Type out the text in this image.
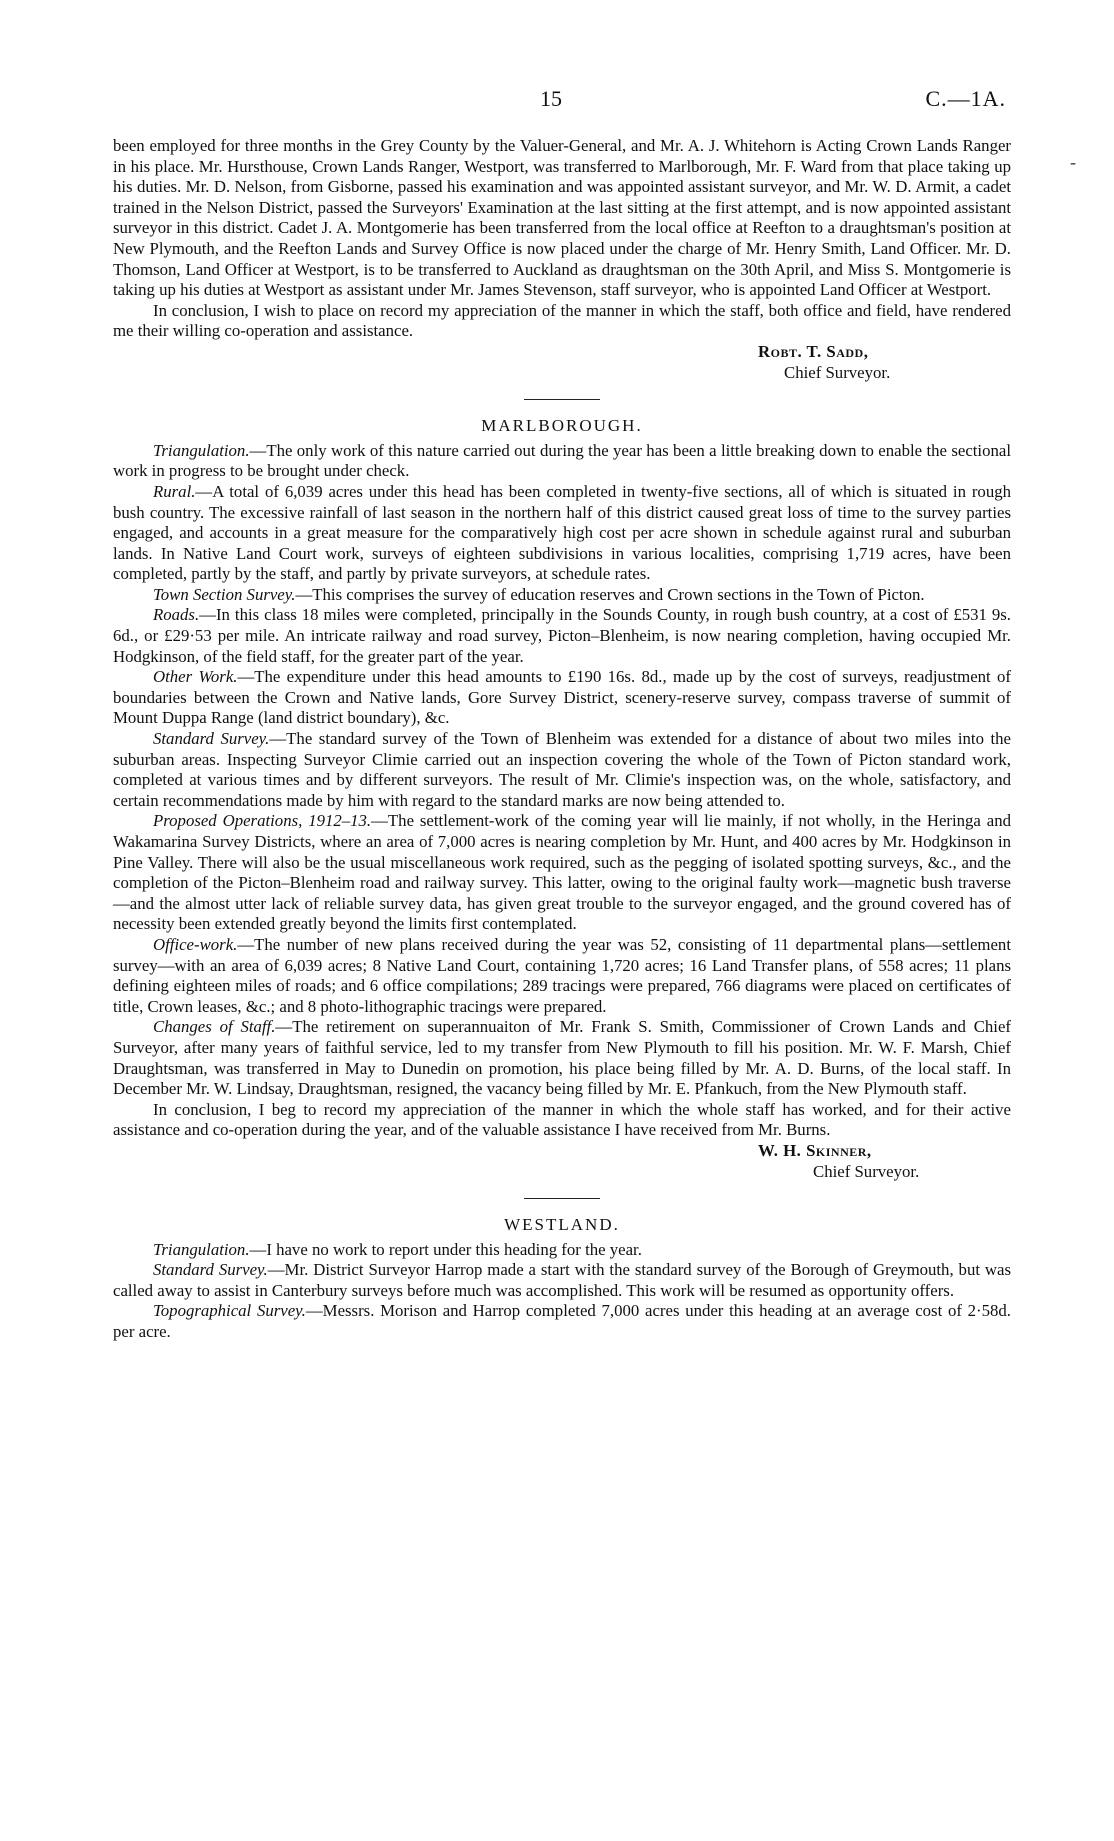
15	C.—1A.
-

been employed for three months in the Grey County by the Valuer-General, and Mr. A. J. Whitehorn is Acting Crown Lands Ranger in his place. Mr. Hursthouse, Crown Lands Ranger, Westport, was transferred to Marlborough, Mr. F. Ward from that place taking up his duties. Mr. D. Nelson, from Gisborne, passed his examination and was appointed assistant surveyor, and Mr. W. D. Armit, a cadet trained in the Nelson District, passed the Surveyors' Examination at the last sitting at the first attempt, and is now appointed assistant surveyor in this district. Cadet J. A. Montgomerie has been transferred from the local office at Reefton to a draughtsman's position at New Plymouth, and the Reefton Lands and Survey Office is now placed under the charge of Mr. Henry Smith, Land Officer. Mr. D. Thomson, Land Officer at Westport, is to be transferred to Auckland as draughtsman on the 30th April, and Miss S. Montgomerie is taking up his duties at Westport as assistant under Mr. James Stevenson, staff surveyor, who is appointed Land Officer at Westport.

In conclusion, I wish to place on record my appreciation of the manner in which the staff, both office and field, have rendered me their willing co-operation and assistance.

Robt. T. Sadd,
Chief Surveyor.
MARLBOROUGH.

Triangulation.—The only work of this nature carried out during the year has been a little breaking down to enable the sectional work in progress to be brought under check.

Rural.—A total of 6,039 acres under this head has been completed in twenty-five sections, all of which is situated in rough bush country. The excessive rainfall of last season in the northern half of this district caused great loss of time to the survey parties engaged, and accounts in a great measure for the comparatively high cost per acre shown in schedule against rural and suburban lands. In Native Land Court work, surveys of eighteen subdivisions in various localities, comprising 1,719 acres, have been completed, partly by the staff, and partly by private surveyors, at schedule rates.

Town Section Survey.—This comprises the survey of education reserves and Crown sections in the Town of Picton.

Roads.—In this class 18 miles were completed, principally in the Sounds County, in rough bush country, at a cost of £531 9s. 6d., or £29·53 per mile. An intricate railway and road survey, Picton–Blenheim, is now nearing completion, having occupied Mr. Hodgkinson, of the field staff, for the greater part of the year.

Other Work.—The expenditure under this head amounts to £190 16s. 8d., made up by the cost of surveys, readjustment of boundaries between the Crown and Native lands, Gore Survey District, scenery-reserve survey, compass traverse of summit of Mount Duppa Range (land district boundary), &c.

Standard Survey.—The standard survey of the Town of Blenheim was extended for a distance of about two miles into the suburban areas. Inspecting Surveyor Climie carried out an inspection covering the whole of the Town of Picton standard work, completed at various times and by different surveyors. The result of Mr. Climie's inspection was, on the whole, satisfactory, and certain recommendations made by him with regard to the standard marks are now being attended to.

Proposed Operations, 1912–13.—The settlement-work of the coming year will lie mainly, if not wholly, in the Heringa and Wakamarina Survey Districts, where an area of 7,000 acres is nearing completion by Mr. Hunt, and 400 acres by Mr. Hodgkinson in Pine Valley. There will also be the usual miscellaneous work required, such as the pegging of isolated spotting surveys, &c., and the completion of the Picton–Blenheim road and railway survey. This latter, owing to the original faulty work—magnetic bush traverse—and the almost utter lack of reliable survey data, has given great trouble to the surveyor engaged, and the ground covered has of necessity been extended greatly beyond the limits first contemplated.

Office-work.—The number of new plans received during the year was 52, consisting of 11 departmental plans—settlement survey—with an area of 6,039 acres; 8 Native Land Court, containing 1,720 acres; 16 Land Transfer plans, of 558 acres; 11 plans defining eighteen miles of roads; and 6 office compilations; 289 tracings were prepared, 766 diagrams were placed on certificates of title, Crown leases, &c.; and 8 photo-lithographic tracings were prepared.

Changes of Staff.—The retirement on superannuaiton of Mr. Frank S. Smith, Commissioner of Crown Lands and Chief Surveyor, after many years of faithful service, led to my transfer from New Plymouth to fill his position. Mr. W. F. Marsh, Chief Draughtsman, was transferred in May to Dunedin on promotion, his place being filled by Mr. A. D. Burns, of the local staff. In December Mr. W. Lindsay, Draughtsman, resigned, the vacancy being filled by Mr. E. Pfankuch, from the New Plymouth staff.

In conclusion, I beg to record my appreciation of the manner in which the whole staff has worked, and for their active assistance and co-operation during the year, and of the valuable assistance I have received from Mr. Burns.

W. H. Skinner,
Chief Surveyor.
WESTLAND.

Triangulation.—I have no work to report under this heading for the year.

Standard Survey.—Mr. District Surveyor Harrop made a start with the standard survey of the Borough of Greymouth, but was called away to assist in Canterbury surveys before much was accomplished. This work will be resumed as opportunity offers.

Topographical Survey.—Messrs. Morison and Harrop completed 7,000 acres under this heading at an average cost of 2·58d. per acre.
